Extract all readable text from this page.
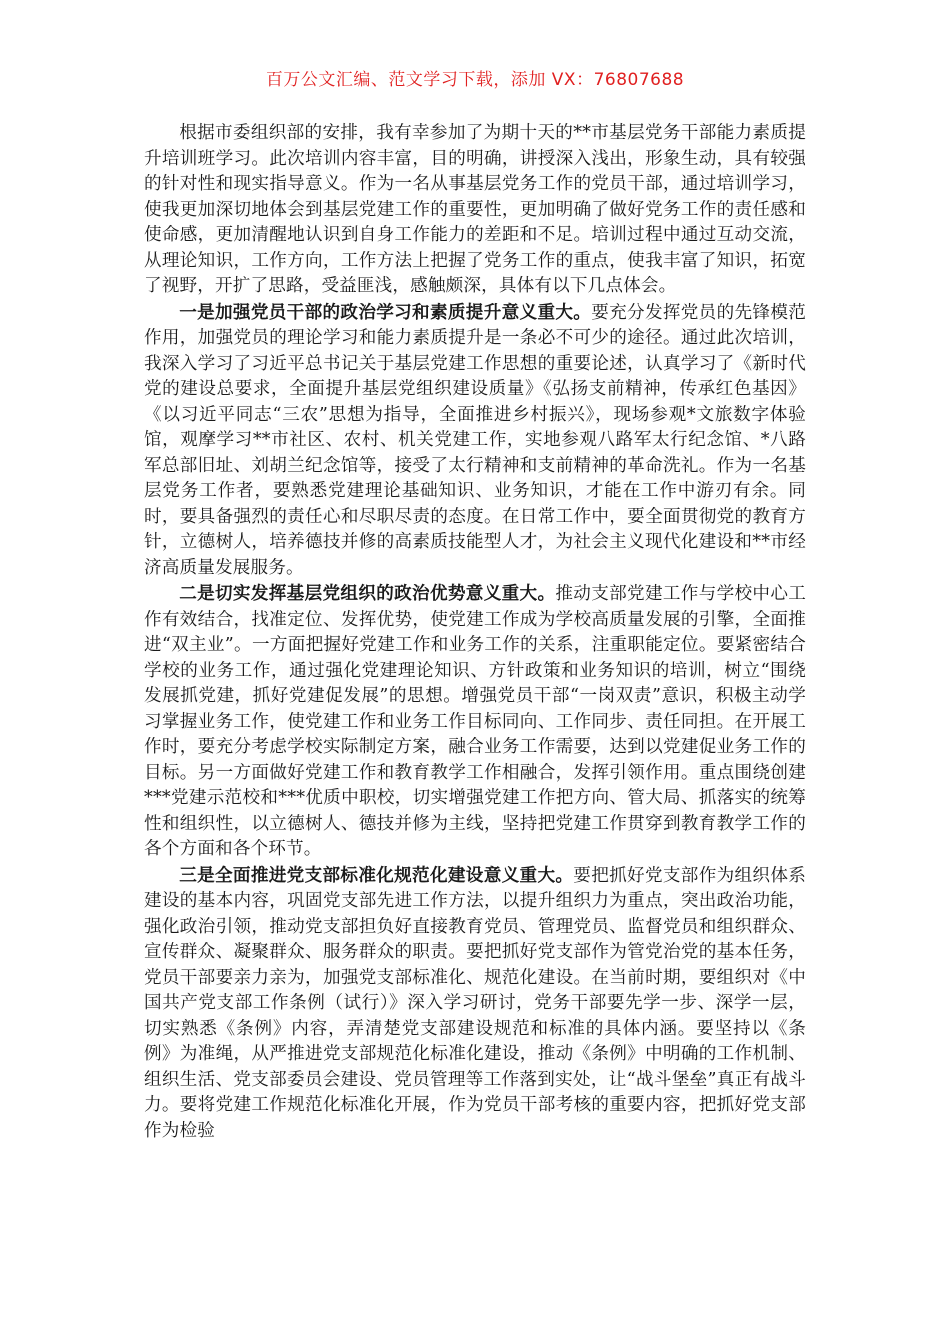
百万公文汇编、范文学习下载，添加 VX：76807688

根据市委组织部的安排，我有幸参加了为期十天的**市基层党务干部能力素质提升培训班学习。此次培训内容丰富，目的明确，讲授深入浅出，形象生动，具有较强的针对性和现实指导意义。作为一名从事基层党务工作的党员干部，通过培训学习，使我更加深切地体会到基层党建工作的重要性，更加明确了做好党务工作的责任感和使命感，更加清醒地认识到自身工作能力的差距和不足。培训过程中通过互动交流，从理论知识，工作方向，工作方法上把握了党务工作的重点，使我丰富了知识，拓宽了视野，开扩了思路，受益匪浅，感触颇深，具体有以下几点体会。

一是加强党员干部的政治学习和素质提升意义重大。要充分发挥党员的先锋模范作用，加强党员的理论学习和能力素质提升是一条必不可少的途径。通过此次培训，我深入学习了习近平总书记关于基层党建工作思想的重要论述，认真学习了《新时代党的建设总要求，全面提升基层党组织建设质量》《弘扬支前精神，传承红色基因》《以习近平同志“三农”思想为指导，全面推进乡村振兴》，现场参观*文旅数字体验馆，观摩学习**市社区、农村、机关党建工作，实地参观八路军太行纪念馆、*八路军总部旧址、刘胡兰纪念馆等，接受了太行精神和支前精神的革命洗礼。作为一名基层党务工作者，要熟悉党建理论基础知识、业务知识，才能在工作中游刃有余。同时，要具备强烈的责任心和尽职尽责的态度。在日常工作中，要全面贯彻党的教育方针，立德树人，培养德技并修的高素质技能型人才，为社会主义现代化建设和**市经济高质量发展服务。

二是切实发挥基层党组织的政治优势意义重大。推动支部党建工作与学校中心工作有效结合，找准定位、发挥优势，使党建工作成为学校高质量发展的引擎，全面推进“双主业”。一方面把握好党建工作和业务工作的关系，注重职能定位。要紧密结合学校的业务工作，通过强化党建理论知识、方针政策和业务知识的培训，树立“围绕发展抓党建，抓好党建促发展”的思想。增强党员干部“一岗双责”意识，积极主动学习掌握业务工作，使党建工作和业务工作目标同向、工作同步、责任同担。在开展工作时，要充分考虑学校实际制定方案，融合业务工作需要，达到以党建促业务工作的目标。另一方面做好党建工作和教育教学工作相融合，发挥引领作用。重点围绕创建***党建示范校和***优质中职校，切实增强党建工作把方向、管大局、抓落实的统筹性和组织性，以立德树人、德技并修为主线，坚持把党建工作贯穿到教育教学工作的各个方面和各个环节。

三是全面推进党支部标准化规范化建设意义重大。要把抓好党支部作为组织体系建设的基本内容，巩固党支部先进工作方法，以提升组织力为重点，突出政治功能，强化政治引领，推动党支部担负好直接教育党员、管理党员、监督党员和组织群众、宣传群众、凝聚群众、服务群众的职责。要把抓好党支部作为管党治党的基本任务，党员干部要亲力亲为，加强党支部标准化、规范化建设。在当前时期，要组织对《中国共产党支部工作条例（试行）》深入学习研讨，党务干部要先学一步、深学一层，切实熟悉《条例》内容，弄清楚党支部建设规范和标准的具体内涵。要坚持以《条例》为准绳，从严推进党支部规范化标准化建设，推动《条例》中明确的工作机制、组织生活、党支部委员会建设、党员管理等工作落到实处，让“战斗堡垒”真正有战斗力。要将党建工作规范化标准化开展，作为党员干部考核的重要内容，把抓好党支部作为检验
